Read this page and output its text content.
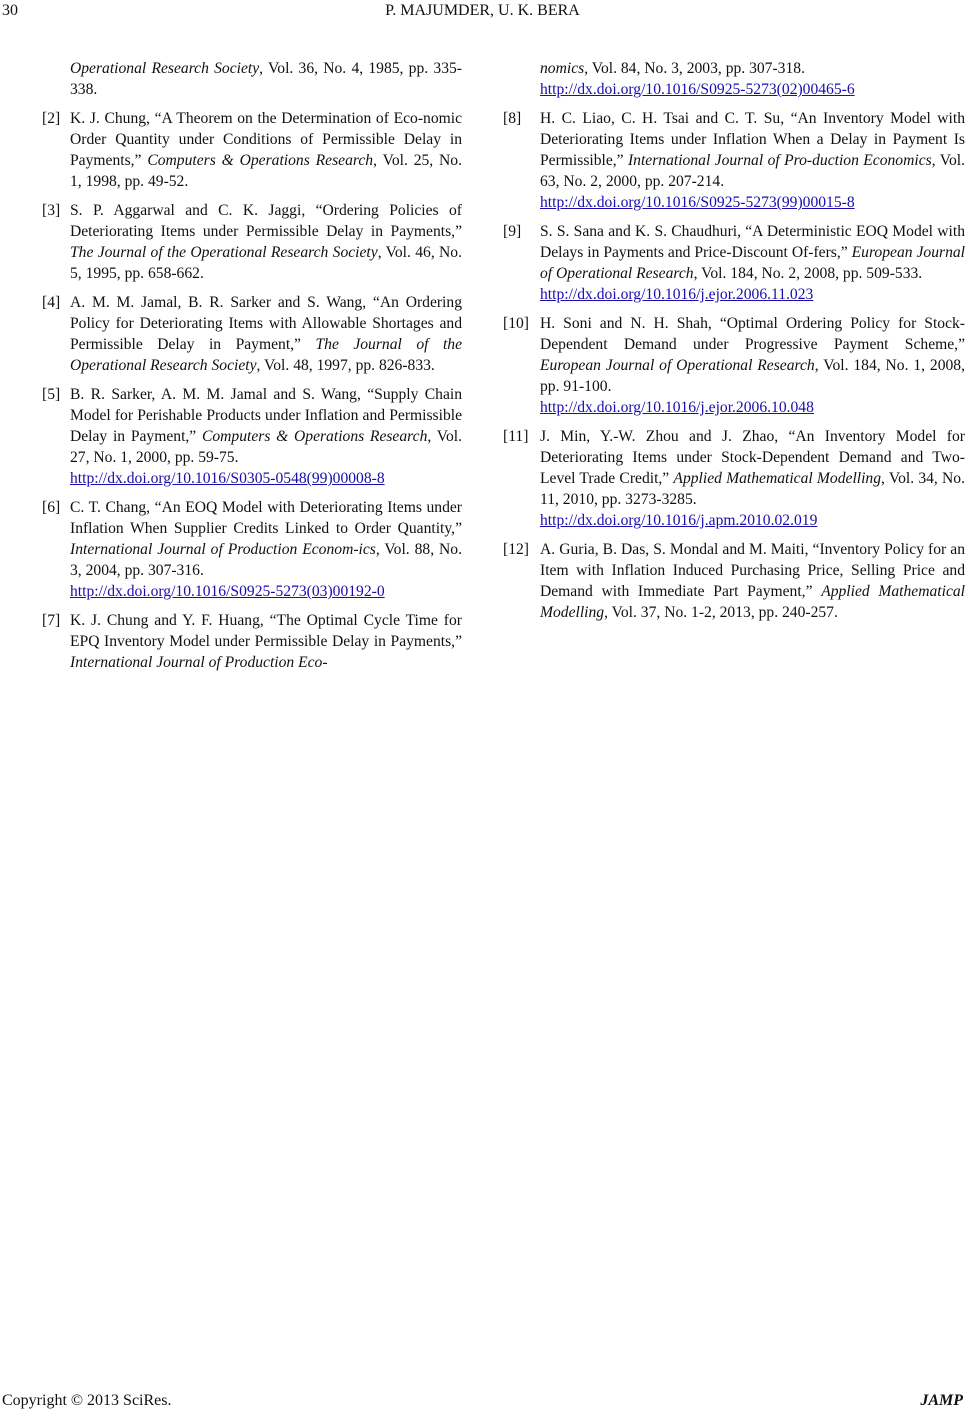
30	P. MAJUMDER, U. K. BERA
Operational Research Society, Vol. 36, No. 4, 1985, pp. 335-338.
[2] K. J. Chung, “A Theorem on the Determination of Eco-nomic Order Quantity under Conditions of Permissible Delay in Payments,” Computers & Operations Research, Vol. 25, No. 1, 1998, pp. 49-52.
[3] S. P. Aggarwal and C. K. Jaggi, “Ordering Policies of Deteriorating Items under Permissible Delay in Payments,” The Journal of the Operational Research Society, Vol. 46, No. 5, 1995, pp. 658-662.
[4] A. M. M. Jamal, B. R. Sarker and S. Wang, “An Ordering Policy for Deteriorating Items with Allowable Shortages and Permissible Delay in Payment,” The Journal of the Operational Research Society, Vol. 48, 1997, pp. 826-833.
[5] B. R. Sarker, A. M. M. Jamal and S. Wang, “Supply Chain Model for Perishable Products under Inflation and Permissible Delay in Payment,” Computers & Operations Research, Vol. 27, No. 1, 2000, pp. 59-75.
http://dx.doi.org/10.1016/S0305-0548(99)00008-8
[6] C. T. Chang, “An EOQ Model with Deteriorating Items under Inflation When Supplier Credits Linked to Order Quantity,” International Journal of Production Econom-ics, Vol. 88, No. 3, 2004, pp. 307-316.
http://dx.doi.org/10.1016/S0925-5273(03)00192-0
[7] K. J. Chung and Y. F. Huang, “The Optimal Cycle Time for EPQ Inventory Model under Permissible Delay in Payments,” International Journal of Production Eco-
nomics, Vol. 84, No. 3, 2003, pp. 307-318.
http://dx.doi.org/10.1016/S0925-5273(02)00465-6
[8] H. C. Liao, C. H. Tsai and C. T. Su, “An Inventory Model with Deteriorating Items under Inflation When a Delay in Payment Is Permissible,” International Journal of Pro-duction Economics, Vol. 63, No. 2, 2000, pp. 207-214.
http://dx.doi.org/10.1016/S0925-5273(99)00015-8
[9] S. S. Sana and K. S. Chaudhuri, “A Deterministic EOQ Model with Delays in Payments and Price-Discount Of-fers,” European Journal of Operational Research, Vol. 184, No. 2, 2008, pp. 509-533.
http://dx.doi.org/10.1016/j.ejor.2006.11.023
[10] H. Soni and N. H. Shah, “Optimal Ordering Policy for Stock-Dependent Demand under Progressive Payment Scheme,” European Journal of Operational Research, Vol. 184, No. 1, 2008, pp. 91-100.
http://dx.doi.org/10.1016/j.ejor.2006.10.048
[11] J. Min, Y.-W. Zhou and J. Zhao, “An Inventory Model for Deteriorating Items under Stock-Dependent Demand and Two-Level Trade Credit,” Applied Mathematical Modelling, Vol. 34, No. 11, 2010, pp. 3273-3285.
http://dx.doi.org/10.1016/j.apm.2010.02.019
[12] A. Guria, B. Das, S. Mondal and M. Maiti, “Inventory Policy for an Item with Inflation Induced Purchasing Price, Selling Price and Demand with Immediate Part Payment,” Applied Mathematical Modelling, Vol. 37, No. 1-2, 2013, pp. 240-257.
Copyright © 2013 SciRes.	JAMP
